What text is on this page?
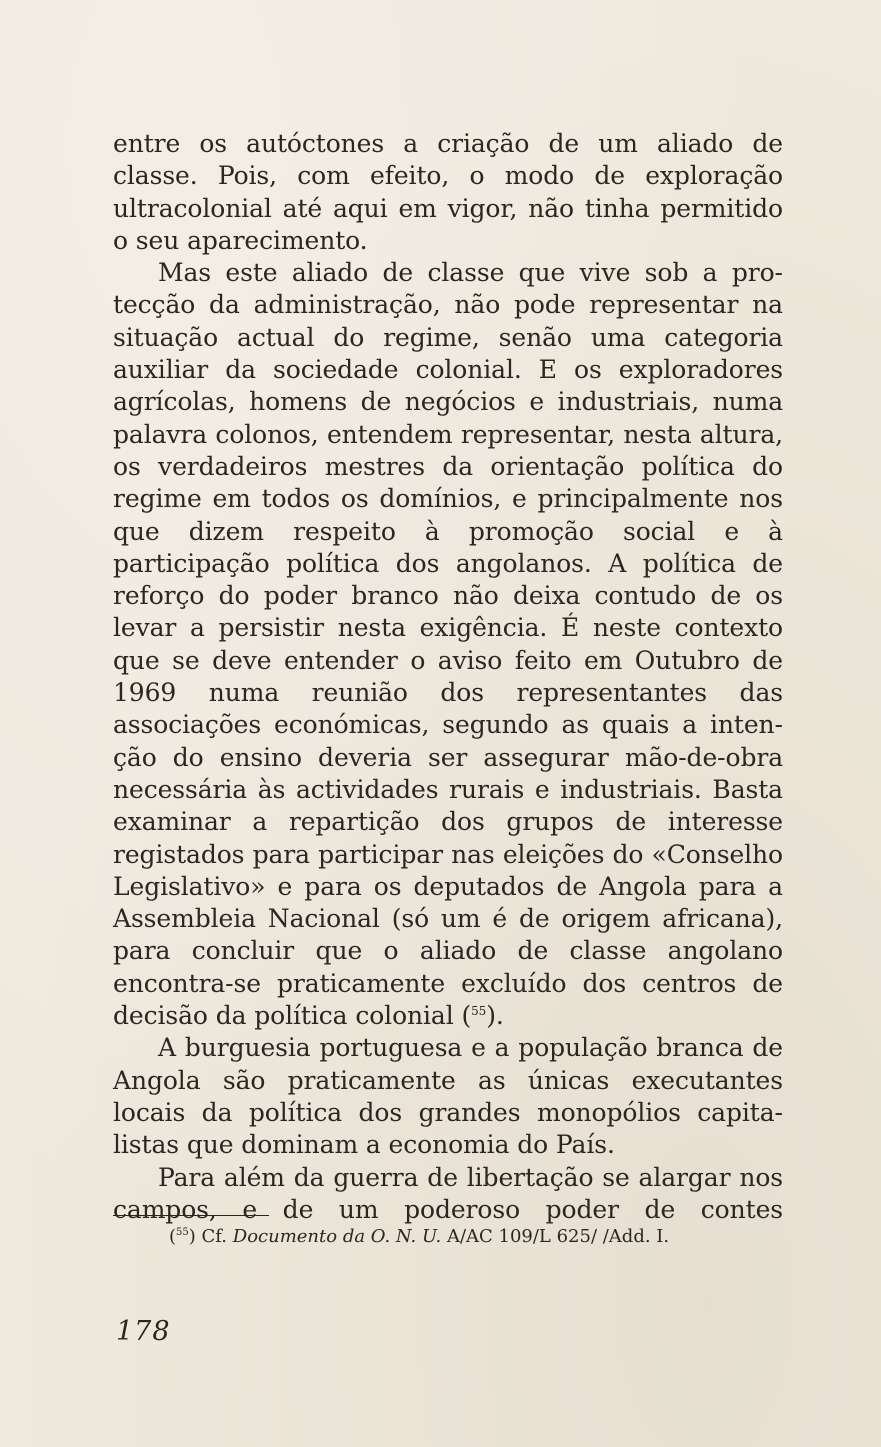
entre os autóctones a criação de um aliado de classe. Pois, com efeito, o modo de exploração ultracolonial até aqui em vigor, não tinha permitido o seu aparecimento.

Mas este aliado de classe que vive sob a protecção da administração, não pode representar na situação actual do regime, senão uma categoria auxiliar da sociedade colonial. E os exploradores agrícolas, homens de negócios e industriais, numa palavra colonos, entendem representar, nesta altura, os verdadeiros mestres da orientação política do regime em todos os domínios, e principalmente nos que dizem respeito à promoção social e à participação política dos angolanos. A política de reforço do poder branco não deixa contudo de os levar a persistir nesta exigência. É neste contexto que se deve entender o aviso feito em Outubro de 1969 numa reunião dos representantes das associações económicas, segundo as quais a intenção do ensino deveria ser assegurar mão-de-obra necessária às actividades rurais e industriais. Basta examinar a repartição dos grupos de interesse registados para participar nas eleições do «Conselho Legislativo» e para os deputados de Angola para a Assembleia Nacional (só um é de origem africana), para concluir que o aliado de classe angolano encontra-se praticamente excluído dos centros de decisão da política colonial ($^{55}$).

A burguesia portuguesa e a população branca de Angola são praticamente as únicas executantes locais da política dos grandes monopólios capitalistas que dominam a economia do País.

Para além da guerra de libertação se alargar nos campos, e de um poderoso poder de contes

($^{55}$) Cf. Documento da O. N. U. A/AC 109/L 625/ /Add. I.

178
